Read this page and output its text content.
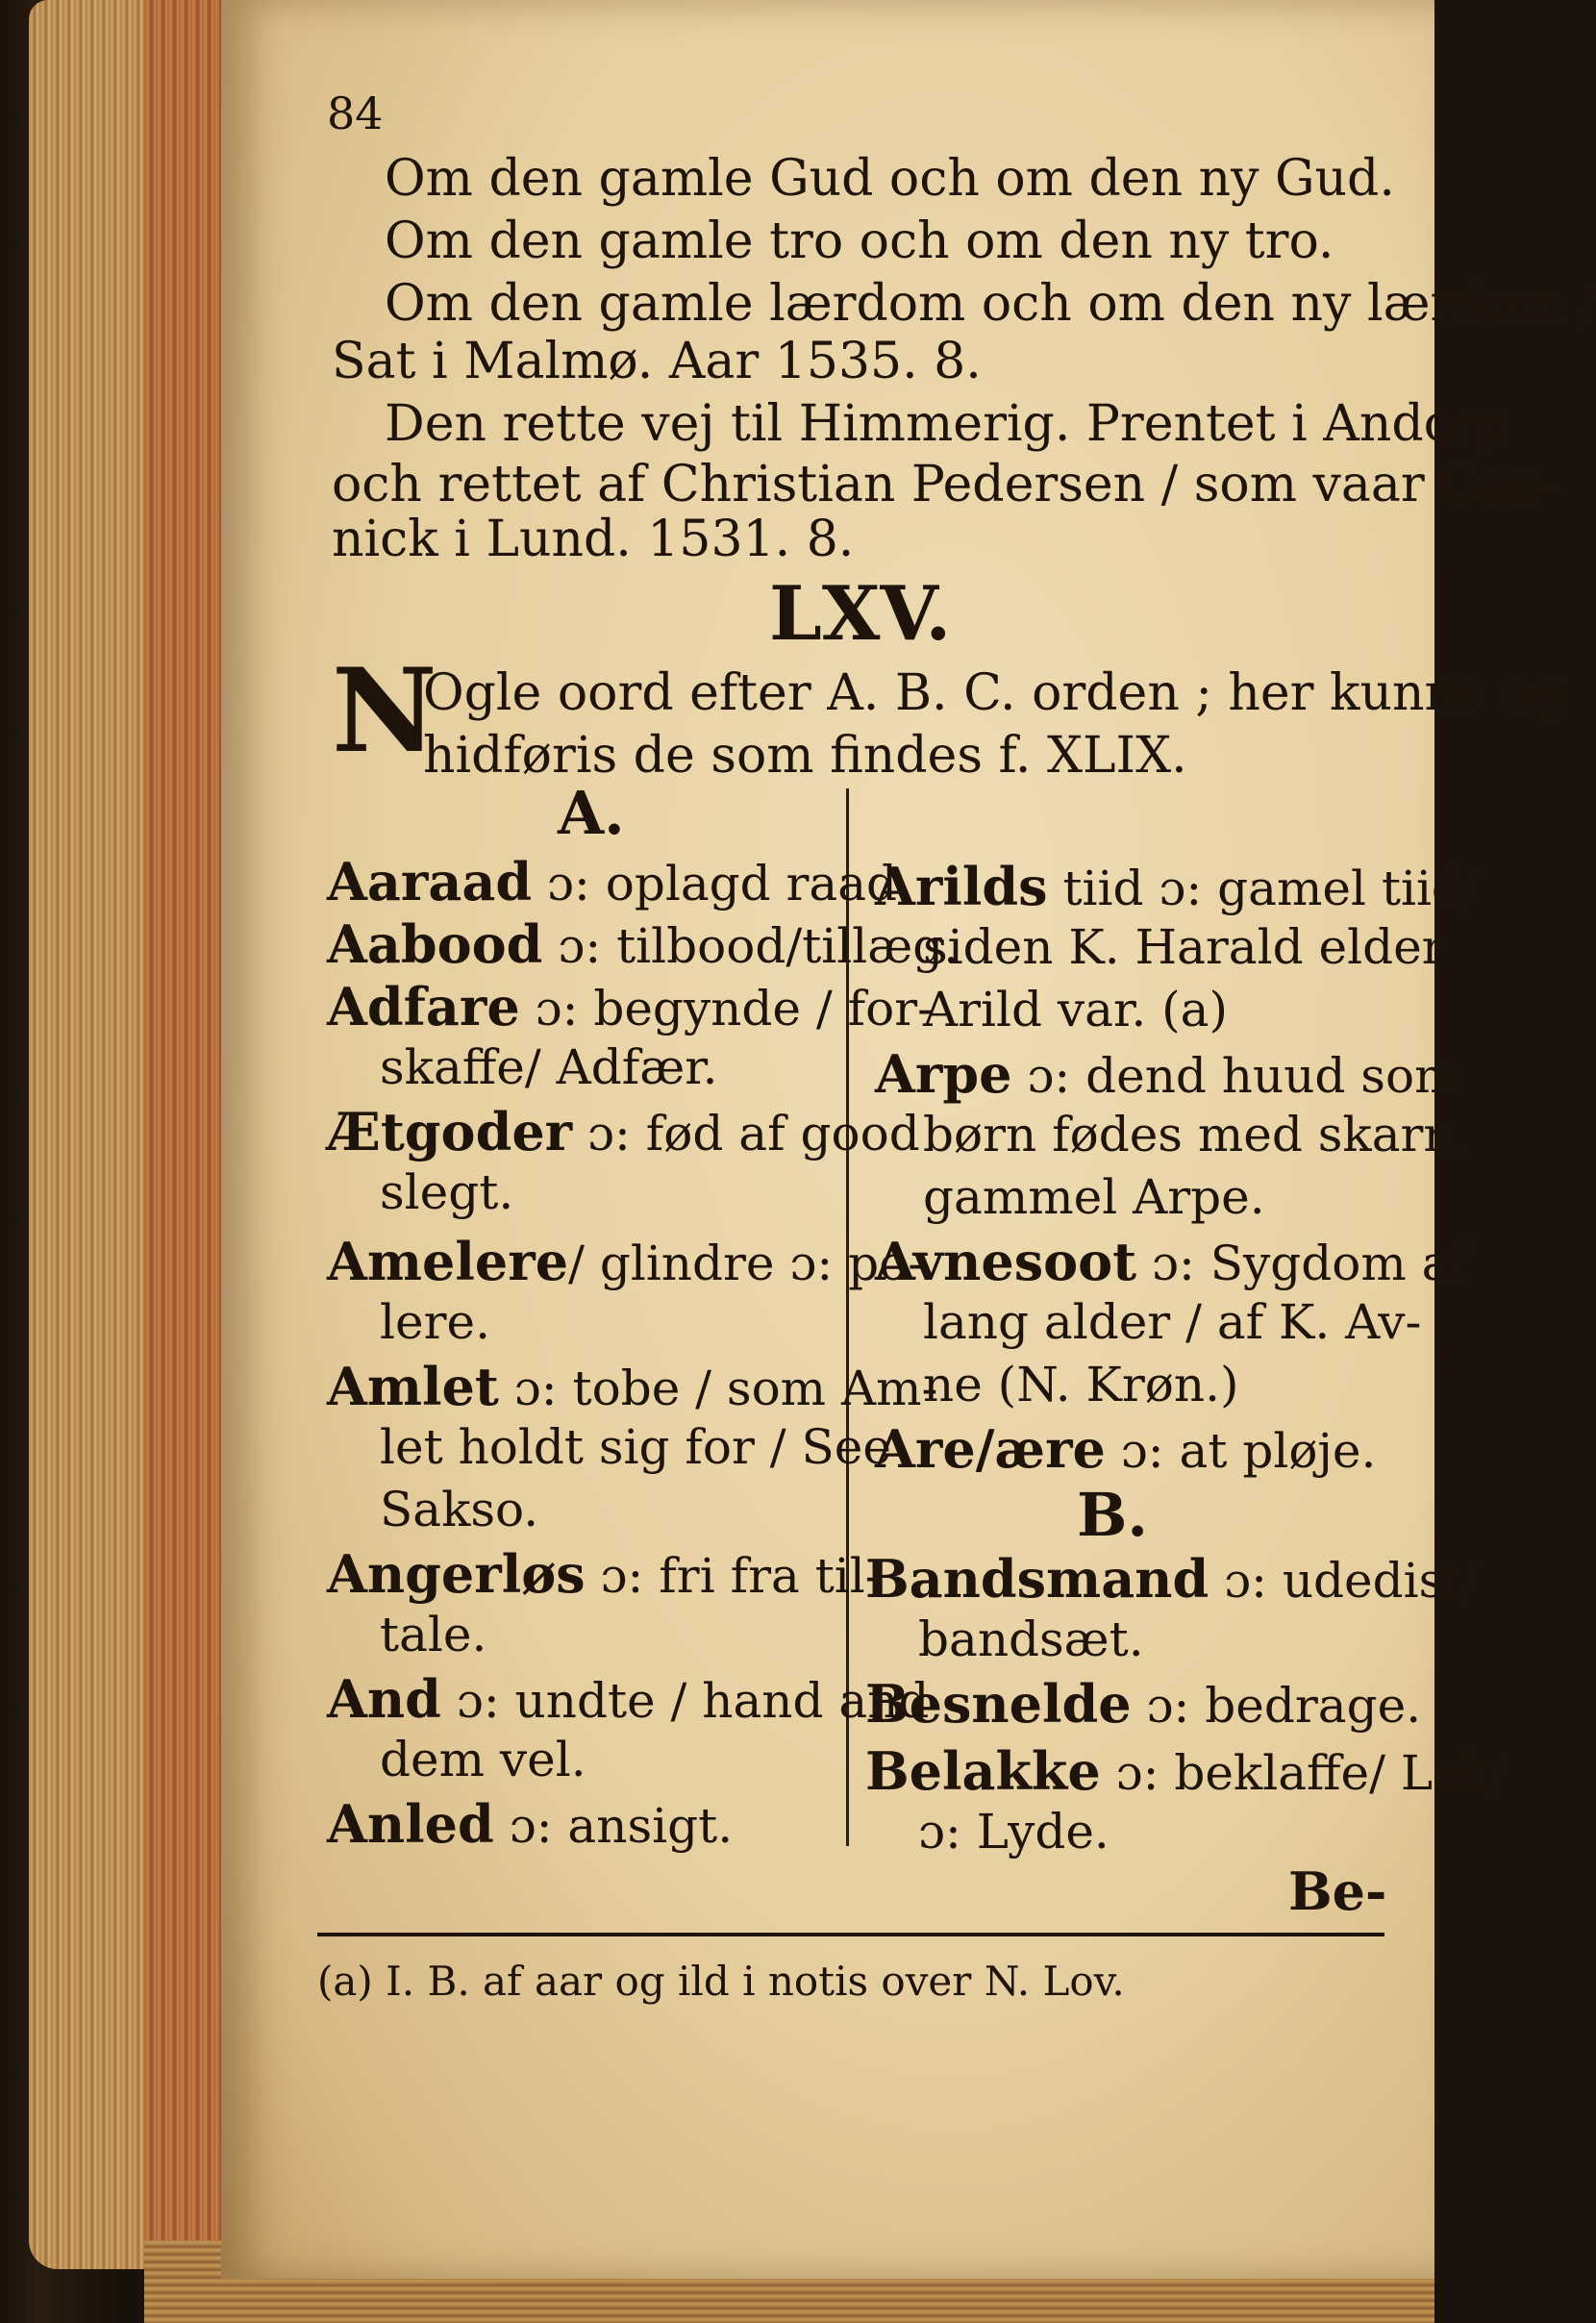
84
Om den gamle Gud och om den ny Gud.
Om den gamle tro och om den ny tro.
Om den gamle lærdom och om den ny lærdom /
Sat i Malmø. Aar 1535. 8.
Den rette vej til Himmerig. Prentet i Andorp
och rettet af Christian Pedersen / som vaar Can-
nick i Lund. 1531. 8.
LXV.
N
Ogle oord efter A. B. C. orden ; her kunne og
hidføris de som findes f. XLIX.
A.
Aaraad ɔ: oplagd raad.
Aabood ɔ: tilbood/tillæg.
Adfare ɔ: begynde / for-
skaffe/ Adfær.
Ætgoder ɔ: fød af good
slegt.
Amelere/ glindre ɔ: po-
lere.
Amlet ɔ: tobe / som Am-
let holdt sig for / See
Sakso.
Angerløs ɔ: fri fra til-
tale.
And ɔ: undte / hand and
dem vel.
Anled ɔ: ansigt.
Arilds tiid ɔ: gamel tiid/
siden K. Harald elder
Arild var. (a)
Arpe ɔ: dend huud som
børn fødes med skarn.
gammel Arpe.
Avnesoot ɔ: Sygdom af
lang alder / af K. Av-
ne (N. Krøn.)
Are/ære ɔ: at pløje.
B.
Bandsmand ɔ: udedist/
bandsæt.
Besnelde ɔ: bedrage.
Belakke ɔ: beklaffe/ Lak/
ɔ: Lyde.
Be-
(a) I. B. af aar og ild i notis over N. Lov.
